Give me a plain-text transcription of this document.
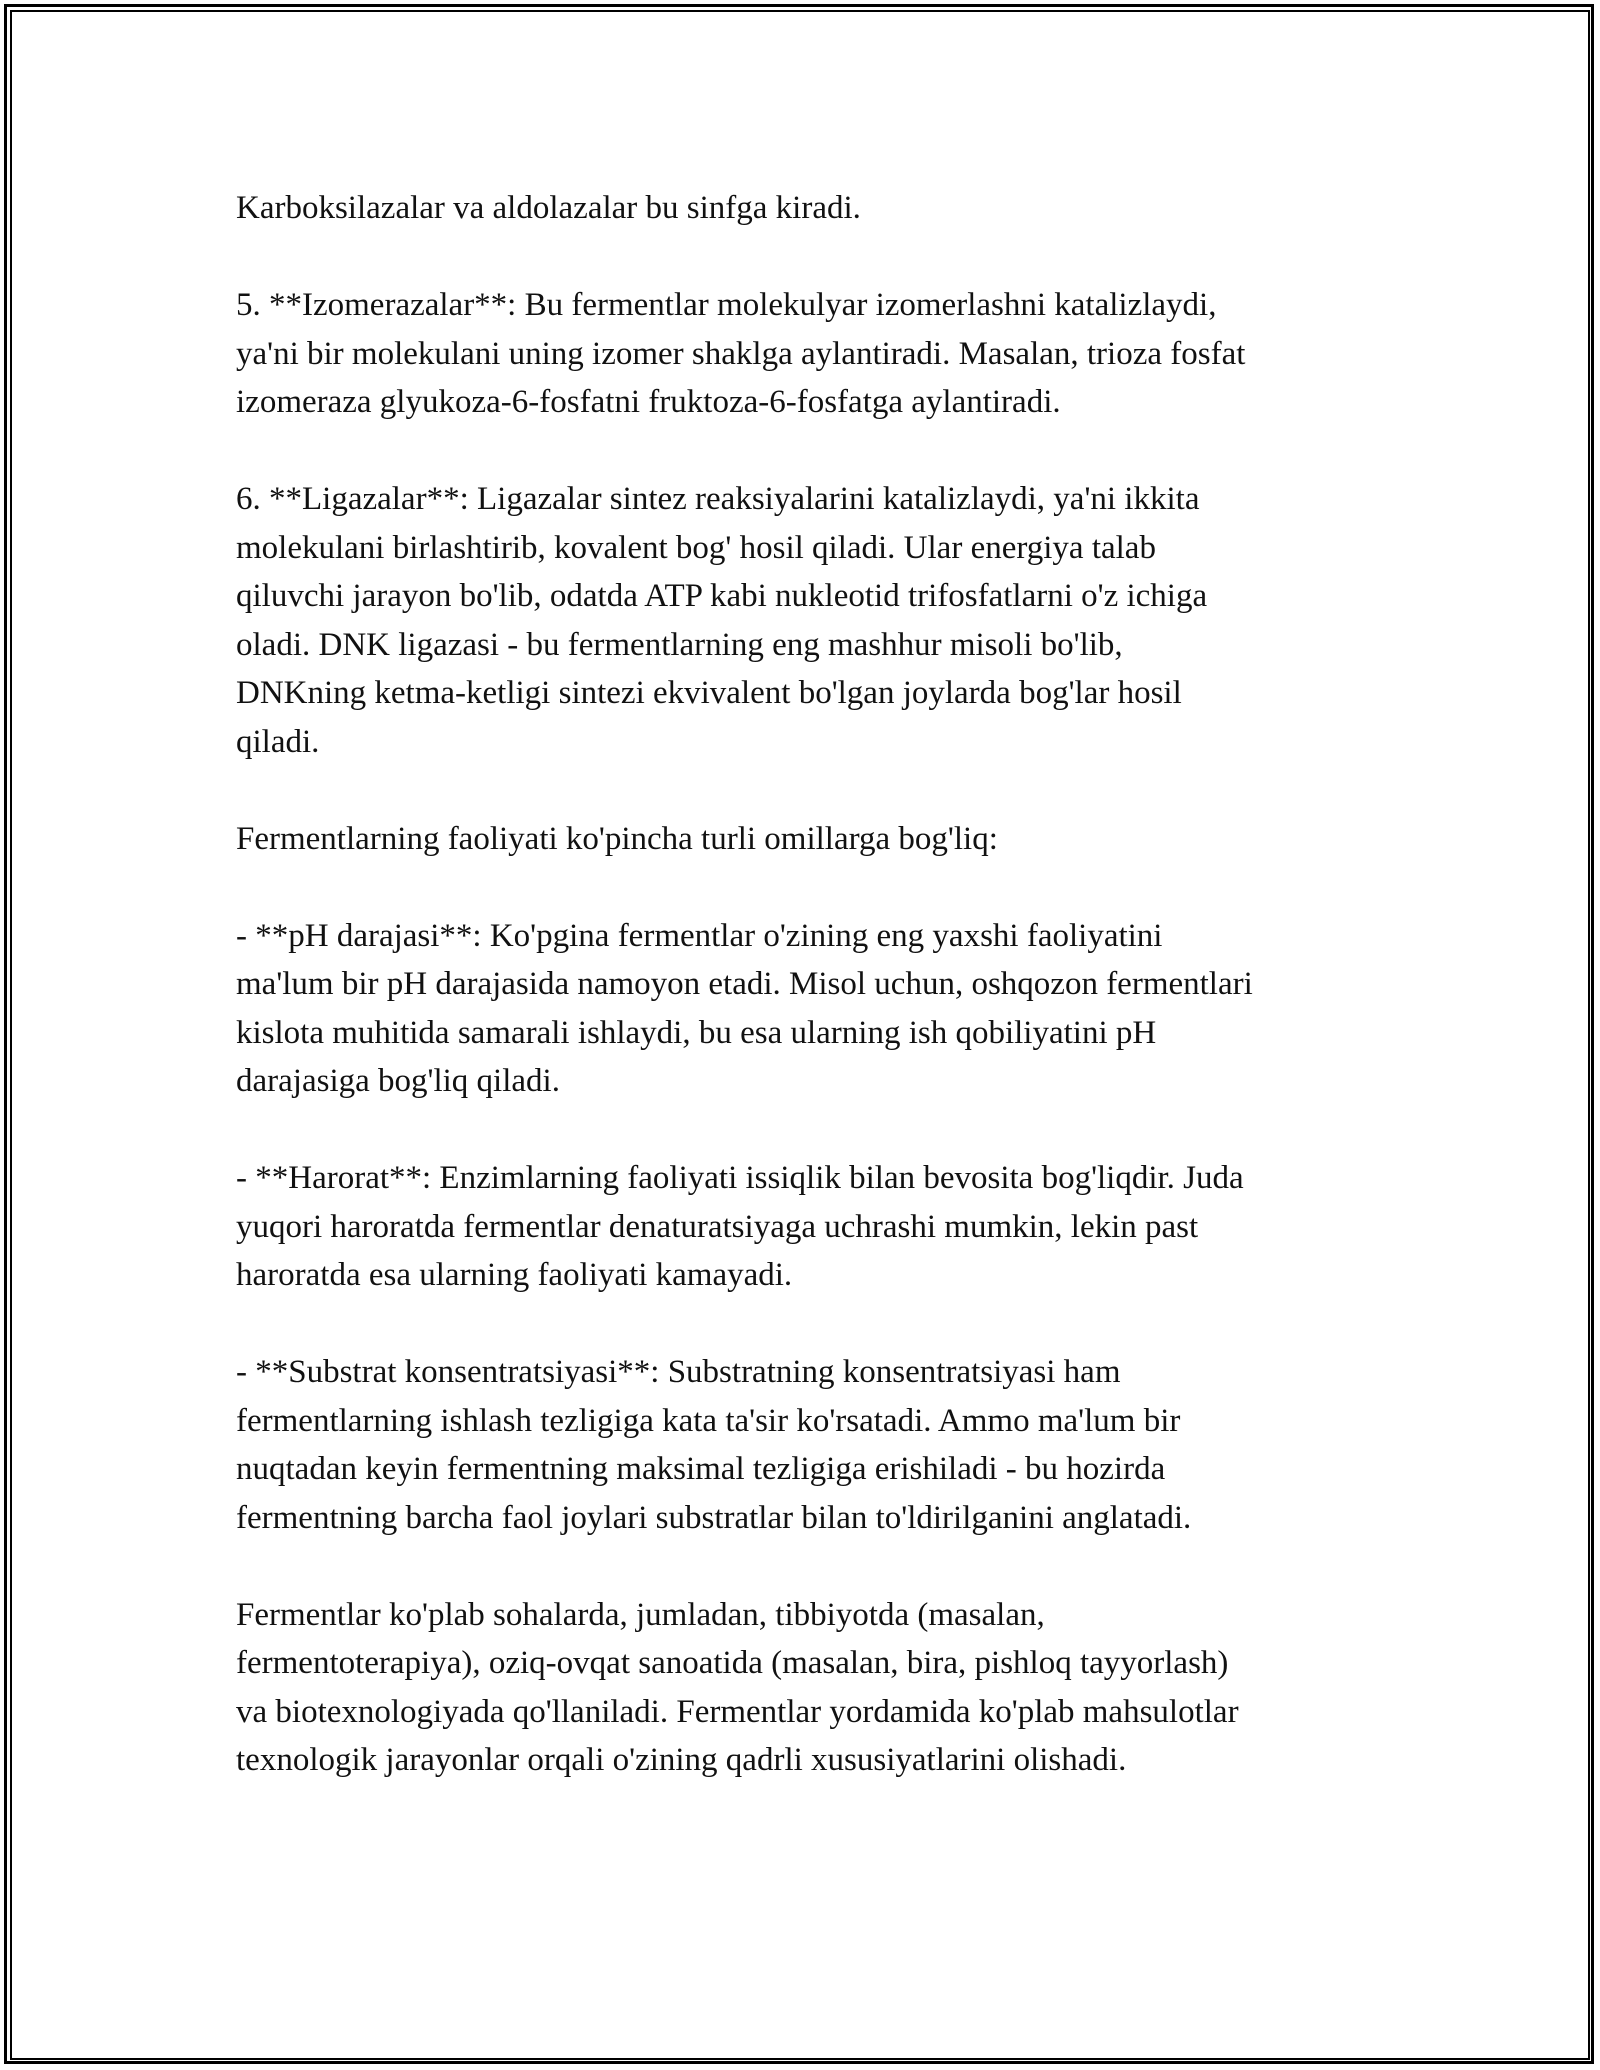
Karboksilazalar va aldolazalar bu sinfga kiradi.

5. **Izomerazalar**: Bu fermentlar molekulyar izomerlashni katalizlaydi,
ya'ni bir molekulani uning izomer shaklga aylantiradi. Masalan, trioza fosfat
izomeraza glyukoza-6-fosfatni fruktoza-6-fosfatga aylantiradi.

6. **Ligazalar**: Ligazalar sintez reaksiyalarini katalizlaydi, ya'ni ikkita
molekulani birlashtirib, kovalent bog' hosil qiladi. Ular energiya talab
qiluvchi jarayon bo'lib, odatda ATP kabi nukleotid trifosfatlarni o'z ichiga
oladi. DNK ligazasi - bu fermentlarning eng mashhur misoli bo'lib,
DNKning ketma-ketligi sintezi ekvivalent bo'lgan joylarda bog'lar hosil
qiladi.

Fermentlarning faoliyati ko'pincha turli omillarga bog'liq:

- **pH darajasi**: Ko'pgina fermentlar o'zining eng yaxshi faoliyatini
ma'lum bir pH darajasida namoyon etadi. Misol uchun, oshqozon fermentlari
kislota muhitida samarali ishlaydi, bu esa ularning ish qobiliyatini pH
darajasiga bog'liq qiladi.

- **Harorat**: Enzimlarning faoliyati issiqlik bilan bevosita bog'liqdir. Juda
yuqori haroratda fermentlar denaturatsiyaga uchrashi mumkin, lekin past
haroratda esa ularning faoliyati kamayadi.

- **Substrat konsentratsiyasi**: Substratning konsentratsiyasi ham
fermentlarning ishlash tezligiga kata ta'sir ko'rsatadi. Ammo ma'lum bir
nuqtadan keyin fermentning maksimal tezligiga erishiladi - bu hozirda
fermentning barcha faol joylari substratlar bilan to'ldirilganini anglatadi.

Fermentlar ko'plab sohalarda, jumladan, tibbiyotda (masalan,
fermentoterapiya), oziq-ovqat sanoatida (masalan, bira, pishloq tayyorlash)
va biotexnologiyada qo'llaniladi. Fermentlar yordamida ko'plab mahsulotlar
texnologik jarayonlar orqali o'zining qadrli xususiyatlarini olishadi.
